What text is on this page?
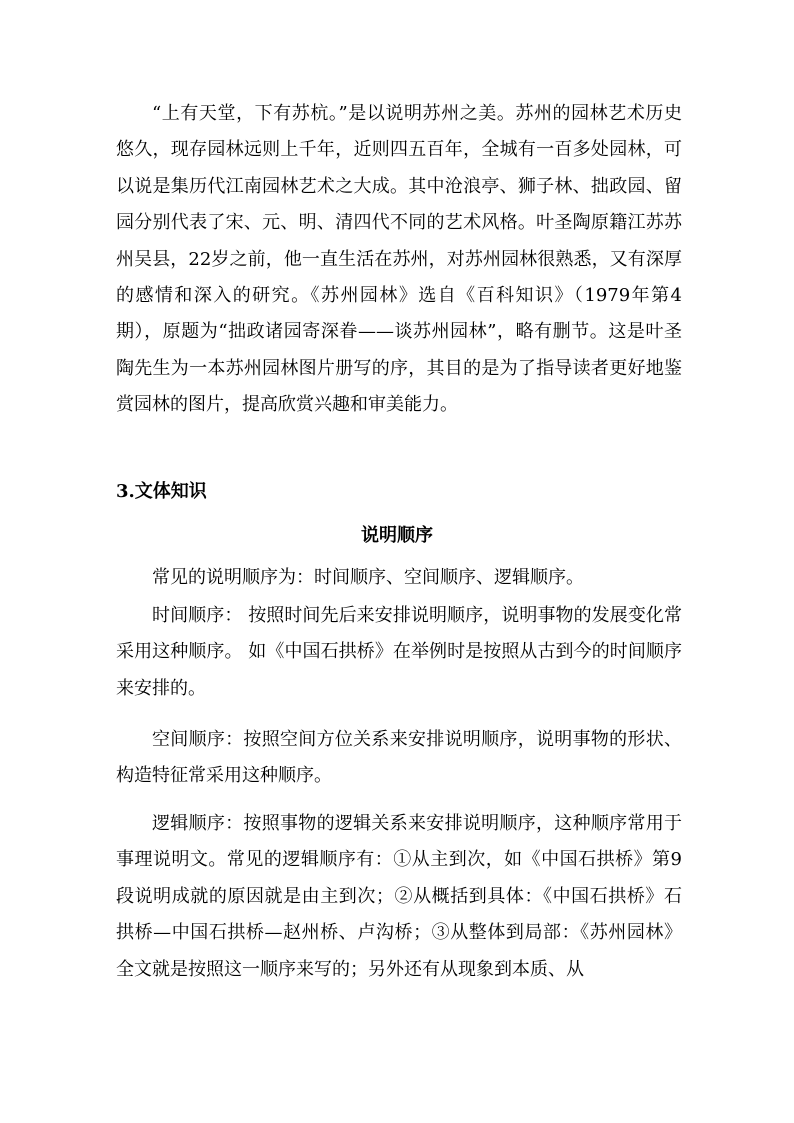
“上有天堂，下有苏杭。”是以说明苏州之美。苏州的园林艺术历史悠久，现存园林远则上千年，近则四五百年，全城有一百多处园林，可以说是集历代江南园林艺术之大成。其中沧浪亭、狮子林、拙政园、留园分别代表了宋、元、明、清四代不同的艺术风格。叶圣陶原籍江苏苏州吴县，22岁之前，他一直生活在苏州，对苏州园林很熟悉，又有深厚的感情和深入的研究。《苏州园林》选自《百科知识》（1979年第4期），原题为“拙政诸园寄深眷——谈苏州园林”，略有删节。这是叶圣陶先生为一本苏州园林图片册写的序，其目的是为了指导读者更好地鉴赏园林的图片，提高欣赏兴趣和审美能力。

3.文体知识
说明顺序

常见的说明顺序为：时间顺序、空间顺序、逻辑顺序。

时间顺序： 按照时间先后来安排说明顺序，说明事物的发展变化常采用这种顺序。 如《中国石拱桥》在举例时是按照从古到今的时间顺序来安排的。

空间顺序：按照空间方位关系来安排说明顺序，说明事物的形状、构造特征常采用这种顺序。

逻辑顺序：按照事物的逻辑关系来安排说明顺序，这种顺序常用于事理说明文。常见的逻辑顺序有：①从主到次，如《中国石拱桥》第9段说明成就的原因就是由主到次；②从概括到具体：《中国石拱桥》石拱桥—中国石拱桥—赵州桥、卢沟桥；③从整体到局部：《苏州园林》全文就是按照这一顺序来写的；另外还有从现象到本质、从
